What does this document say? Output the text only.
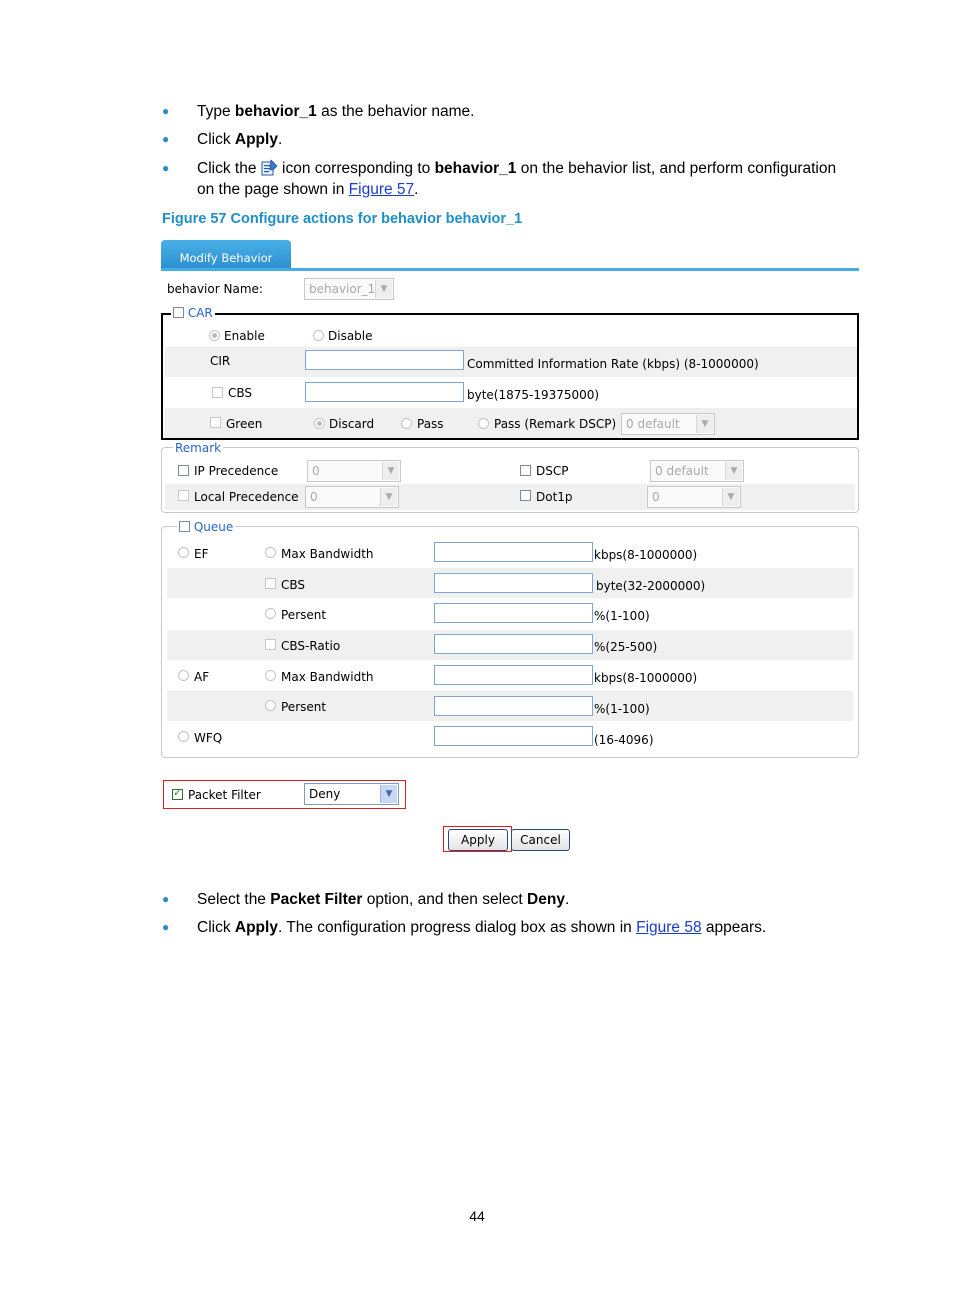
● Type behavior_1 as the behavior name.
● Click Apply.
● Click the  icon corresponding to behavior_1 on the behavior list, and perform configuration
on the page shown in Figure 57.
Figure 57 Configure actions for behavior behavior_1
Modify Behavior
behavior Name:	behavior_1 ▼
CAR
Enable	Disable
CIR	Committed Information Rate (kbps) (8-1000000)
CBS	byte(1875-19375000)
Green	Discard	Pass	Pass (Remark DSCP) 0 default	▼
Remark
IP Precedence	0	▼	DSCP	0 default	▼
Local Precedence 0	▼	Dot1p	0	▼
Queue
EF	Max Bandwidth	kbps(8-1000000)
CBS	byte(32-2000000)
Persent	%(1-100)
CBS-Ratio	%(25-500)
AF	Max Bandwidth	kbps(8-1000000)
Persent	%(1-100)
WFQ	(16-4096)
✓
Packet Filter	Deny	▼
Apply	Cancel
● Select the Packet Filter option, and then select Deny.
● Click Apply. The configuration progress dialog box as shown in Figure 58 appears.
44
